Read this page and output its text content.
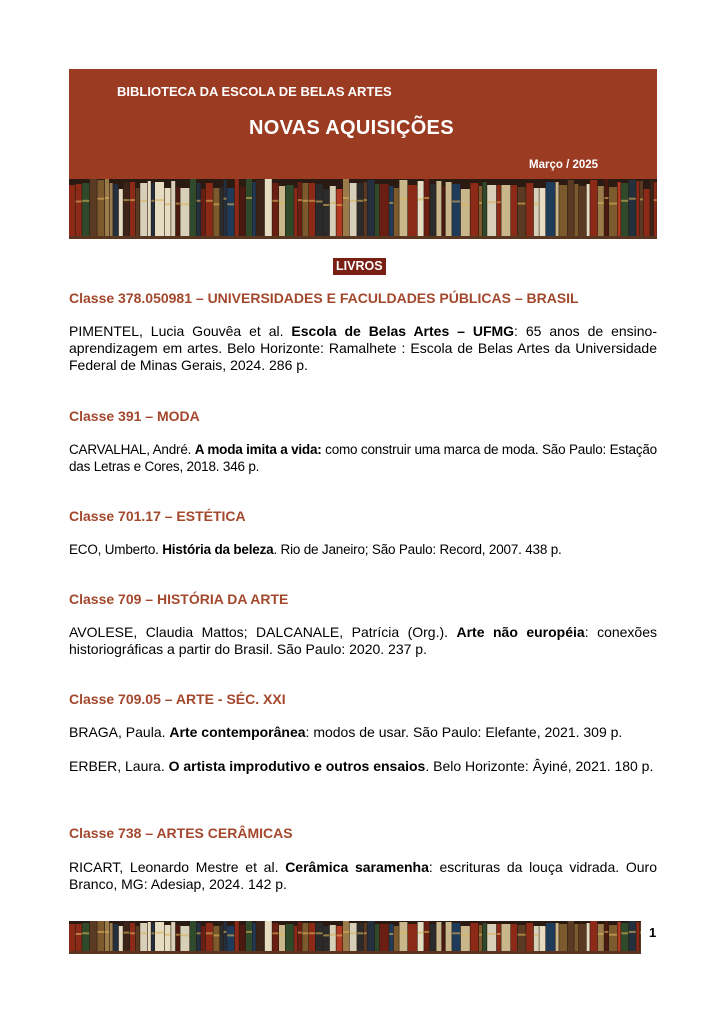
BIBLIOTECA DA ESCOLA DE BELAS ARTES
NOVAS AQUISIÇÕES
Março / 2025
LIVROS
Classe 378.050981 – UNIVERSIDADES E FACULDADES PÚBLICAS – BRASIL
PIMENTEL, Lucia Gouvêa et al. Escola de Belas Artes – UFMG: 65 anos de ensino-aprendizagem em artes. Belo Horizonte: Ramalhete : Escola de Belas Artes da Universidade Federal de Minas Gerais, 2024. 286 p.
Classe 391 – MODA
CARVALHAL, André. A moda imita a vida: como construir uma marca de moda. São Paulo: Estação das Letras e Cores, 2018. 346 p.
Classe 701.17 – ESTÉTICA
ECO, Umberto. História da beleza. Rio de Janeiro; São Paulo: Record, 2007. 438 p.
Classe 709 – HISTÓRIA DA ARTE
AVOLESE, Claudia Mattos; DALCANALE, Patrícia (Org.). Arte não européia: conexões historiográficas a partir do Brasil. São Paulo: 2020. 237 p.
Classe 709.05 – ARTE - SÉC. XXI
BRAGA, Paula. Arte contemporânea: modos de usar. São Paulo: Elefante, 2021. 309 p.
ERBER, Laura. O artista improdutivo e outros ensaios. Belo Horizonte: Âyiné, 2021. 180 p.
Classe 738 – ARTES CERÂMICAS
RICART, Leonardo Mestre et al. Cerâmica saramenha: escrituras da louça vidrada. Ouro Branco, MG: Adesiap, 2024. 142 p.
1
